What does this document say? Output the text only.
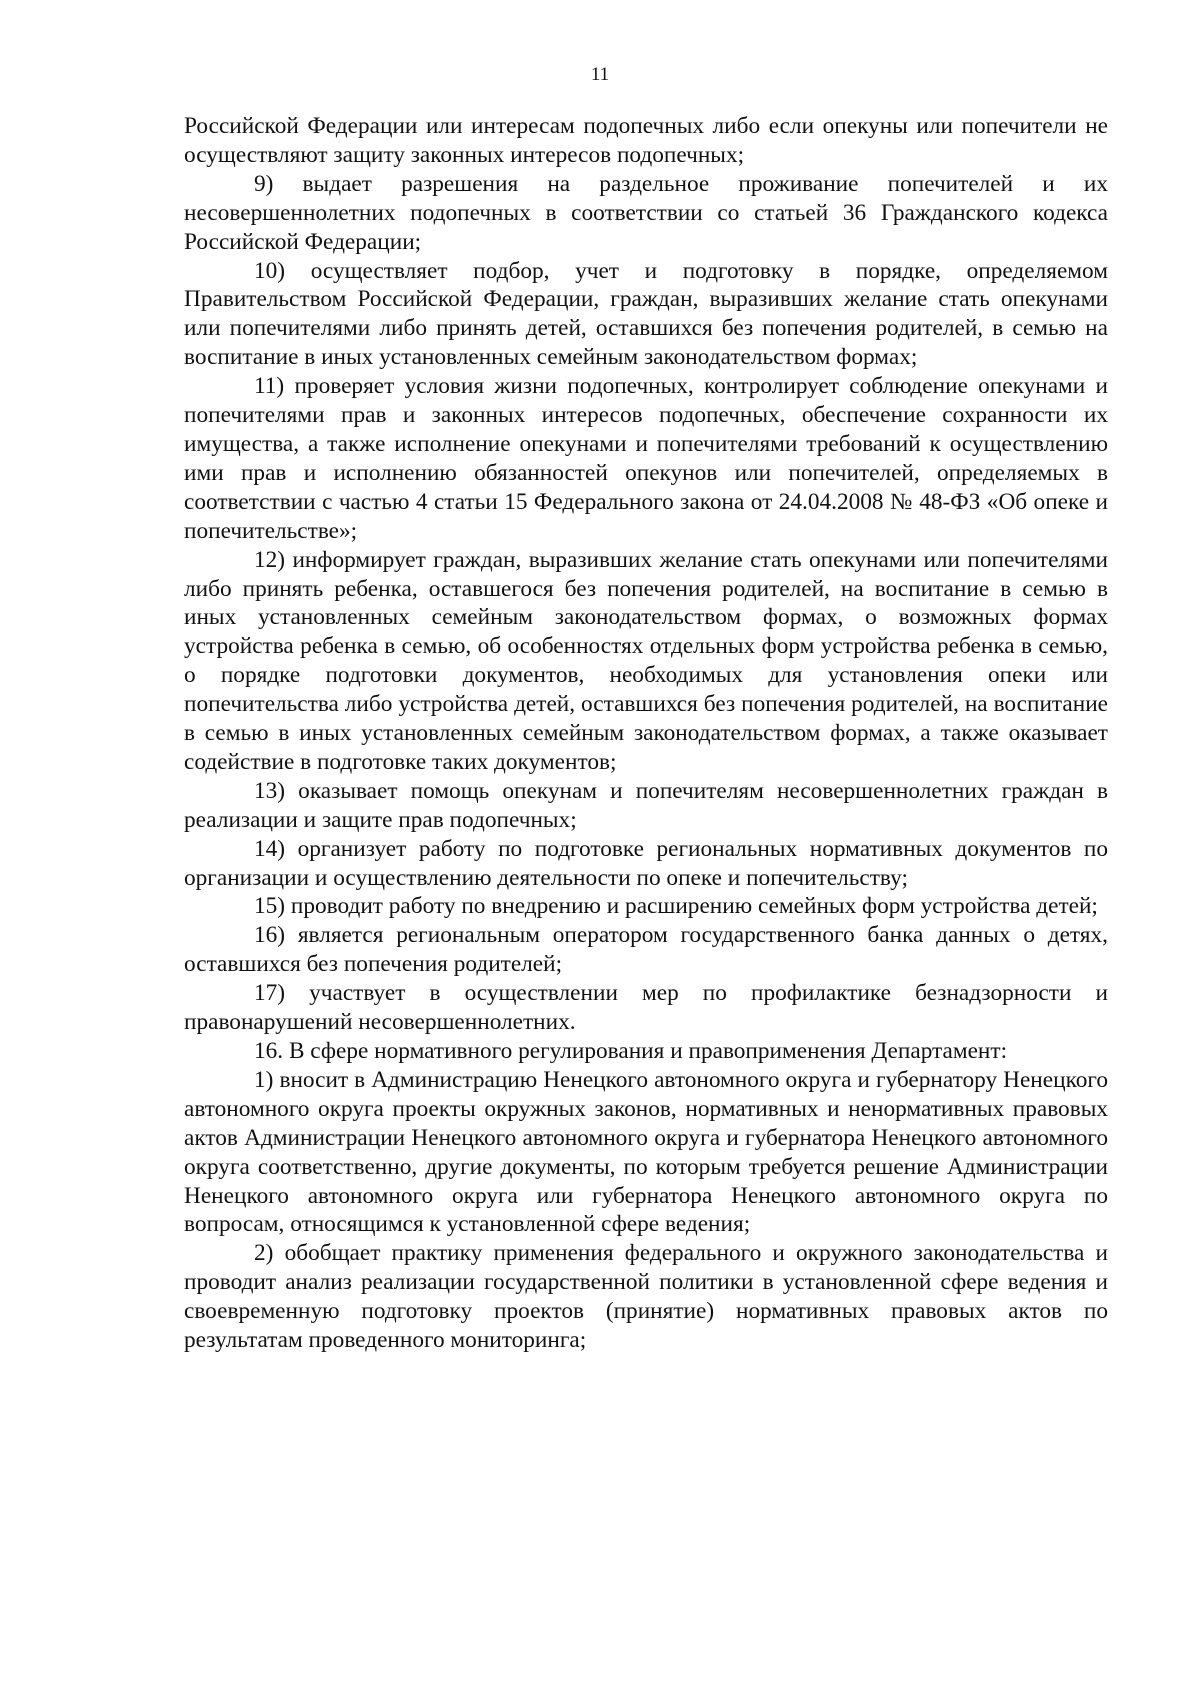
11

Российской Федерации или интересам подопечных либо если опекуны или попечители не осуществляют защиту законных интересов подопечных;

9) выдает разрешения на раздельное проживание попечителей и их несовершеннолетних подопечных в соответствии со статьей 36 Гражданского кодекса Российской Федерации;

10) осуществляет подбор, учет и подготовку в порядке, определяемом Правительством Российской Федерации, граждан, выразивших желание стать опекунами или попечителями либо принять детей, оставшихся без попечения родителей, в семью на воспитание в иных установленных семейным законодательством формах;

11) проверяет условия жизни подопечных, контролирует соблюдение опекунами и попечителями прав и законных интересов подопечных, обеспечение сохранности их имущества, а также исполнение опекунами и попечителями требований к осуществлению ими прав и исполнению обязанностей опекунов или попечителей, определяемых в соответствии с частью 4 статьи 15 Федерального закона от 24.04.2008 № 48-ФЗ «Об опеке и попечительстве»;

12) информирует граждан, выразивших желание стать опекунами или попечителями либо принять ребенка, оставшегося без попечения родителей, на воспитание в семью в иных установленных семейным законодательством формах, о возможных формах устройства ребенка в семью, об особенностях отдельных форм устройства ребенка в семью, о порядке подготовки документов, необходимых для установления опеки или попечительства либо устройства детей, оставшихся без попечения родителей, на воспитание в семью в иных установленных семейным законодательством формах, а также оказывает содействие в подготовке таких документов;

13) оказывает помощь опекунам и попечителям несовершеннолетних граждан в реализации и защите прав подопечных;

14) организует работу по подготовке региональных нормативных документов по организации и осуществлению деятельности по опеке и попечительству;

15) проводит работу по внедрению и расширению семейных форм устройства детей;

16) является региональным оператором государственного банка данных о детях, оставшихся без попечения родителей;

17) участвует в осуществлении мер по профилактике безнадзорности и правонарушений несовершеннолетних.

16. В сфере нормативного регулирования и правоприменения Департамент:

1) вносит в Администрацию Ненецкого автономного округа и губернатору Ненецкого автономного округа проекты окружных законов, нормативных и ненормативных правовых актов Администрации Ненецкого автономного округа и губернатора Ненецкого автономного округа соответственно, другие документы, по которым требуется решение Администрации Ненецкого автономного округа или губернатора Ненецкого автономного округа по вопросам, относящимся к установленной сфере ведения;

2) обобщает практику применения федерального и окружного законодательства и проводит анализ реализации государственной политики в установленной сфере ведения и своевременную подготовку проектов (принятие) нормативных правовых актов по результатам проведенного мониторинга;
